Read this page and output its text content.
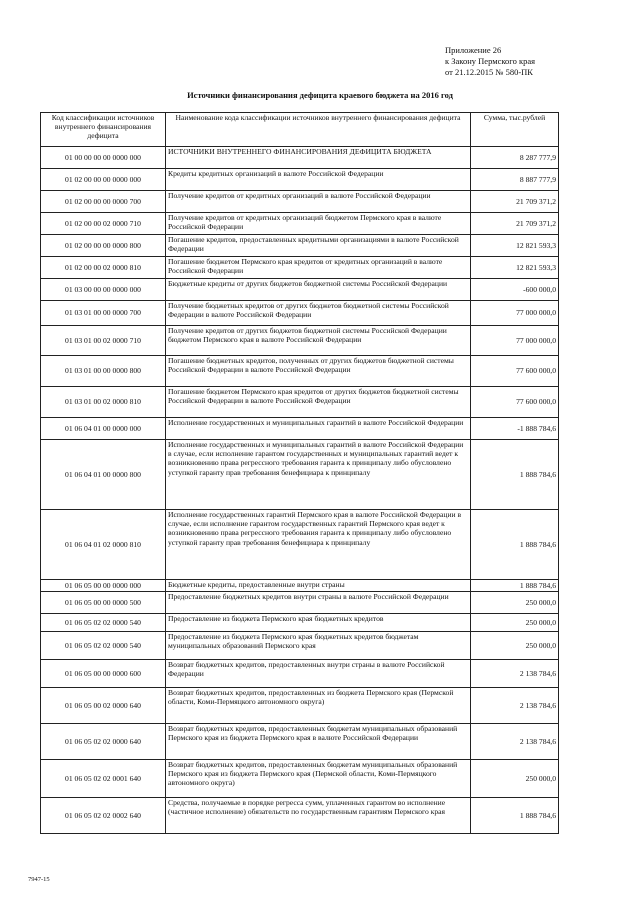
Приложение 26
к Закону Пермского края
от 21.12.2015 № 580-ПК
Источники финансирования дефицита краевого бюджета на 2016 год
Код классификации источников внутреннего финансирования дефицита	Наименование кода классификации источников внутреннего финансирования дефицита	Сумма, тыс.рублей
01 00 00 00 00 0000 000	ИСТОЧНИКИ ВНУТРЕННЕГО ФИНАНСИРОВАНИЯ ДЕФИЦИТА БЮДЖЕТА	8 287 777,9
01 02 00 00 00 0000 000	Кредиты кредитных организаций в валюте Российской Федерации	8 887 777,9
01 02 00 00 00 0000 700	Получение кредитов от кредитных организаций в валюте Российской Федерации	21 709 371,2
01 02 00 00 02 0000 710	Получение кредитов от кредитных организаций бюджетом Пермского края в валюте Российской Федерации	21 709 371,2
01 02 00 00 00 0000 800	Погашение кредитов, предоставленных кредитными организациями в валюте Российской Федерации	12 821 593,3
01 02 00 00 02 0000 810	Погашение бюджетом Пермского края кредитов от кредитных организаций в валюте Российской Федерации	12 821 593,3
01 03 00 00 00 0000 000	Бюджетные кредиты от других бюджетов бюджетной системы Российской Федерации	-600 000,0
01 03 01 00 00 0000 700	Получение бюджетных кредитов от других бюджетов бюджетной системы Российской Федерации в валюте Российской Федерации	77 000 000,0
01 03 01 00 02 0000 710	Получение кредитов от других бюджетов бюджетной системы Российской Федерации бюджетом Пермского края в валюте Российской Федерации	77 000 000,0
01 03 01 00 00 0000 800	Погашение бюджетных кредитов, полученных от других бюджетов бюджетной системы Российской Федерации в валюте Российской Федерации	77 600 000,0
01 03 01 00 02 0000 810	Погашение бюджетом Пермского края кредитов от других бюджетов бюджетной системы Российской Федерации в валюте Российской Федерации	77 600 000,0
01 06 04 01 00 0000 000	Исполнение государственных и муниципальных гарантий в валюте Российской Федерации	-1 888 784,6
01 06 04 01 00 0000 800	Исполнение государственных и муниципальных гарантий в валюте Российской Федерации в случае, если исполнение гарантом государственных и муниципальных гарантий ведет к возникновению права регрессного требования гаранта к принципалу либо обусловлено уступкой гаранту прав требования бенефициара к принципалу	1 888 784,6
01 06 04 01 02 0000 810	Исполнение государственных гарантий Пермского края в валюте Российской Федерации в случае, если исполнение гарантом государственных гарантий Пермского края ведет к возникновению права регрессного требования гаранта к принципалу либо обусловлено уступкой гаранту прав требования бенефициара к принципалу	1 888 784,6
01 06 05 00 00 0000 000	Бюджетные кредиты, предоставленные внутри страны	1 888 784,6
01 06 05 00 00 0000 500	Предоставление бюджетных кредитов внутри страны в валюте Российской Федерации	250 000,0
01 06 05 02 02 0000 540	Предоставление из бюджета Пермского края бюджетных кредитов	250 000,0
01 06 05 02 02 0000 540	Предоставление из бюджета Пермского края бюджетных кредитов бюджетам муниципальных образований Пермского края	250 000,0
01 06 05 00 00 0000 600	Возврат бюджетных кредитов, предоставленных внутри страны в валюте Российской Федерации	2 138 784,6
01 06 05 00 02 0000 640	Возврат бюджетных кредитов, предоставленных из бюджета Пермского края (Пермской области, Коми-Пермяцкого автономного округа)	2 138 784,6
01 06 05 02 02 0000 640	Возврат бюджетных кредитов, предоставленных бюджетам муниципальных образований Пермского края из бюджета Пермского края в валюте Российской Федерации	2 138 784,6
01 06 05 02 02 0001 640	Возврат бюджетных кредитов, предоставленных бюджетам муниципальных образований Пермского края из бюджета Пермского края (Пермской области, Коми-Пермяцкого автономного округа)	250 000,0
01 06 05 02 02 0002 640	Средства, получаемые в порядке регресса сумм, уплаченных гарантом во исполнение (частичное исполнение) обязательств по государственным гарантиям Пермского края	1 888 784,6
7947-15
